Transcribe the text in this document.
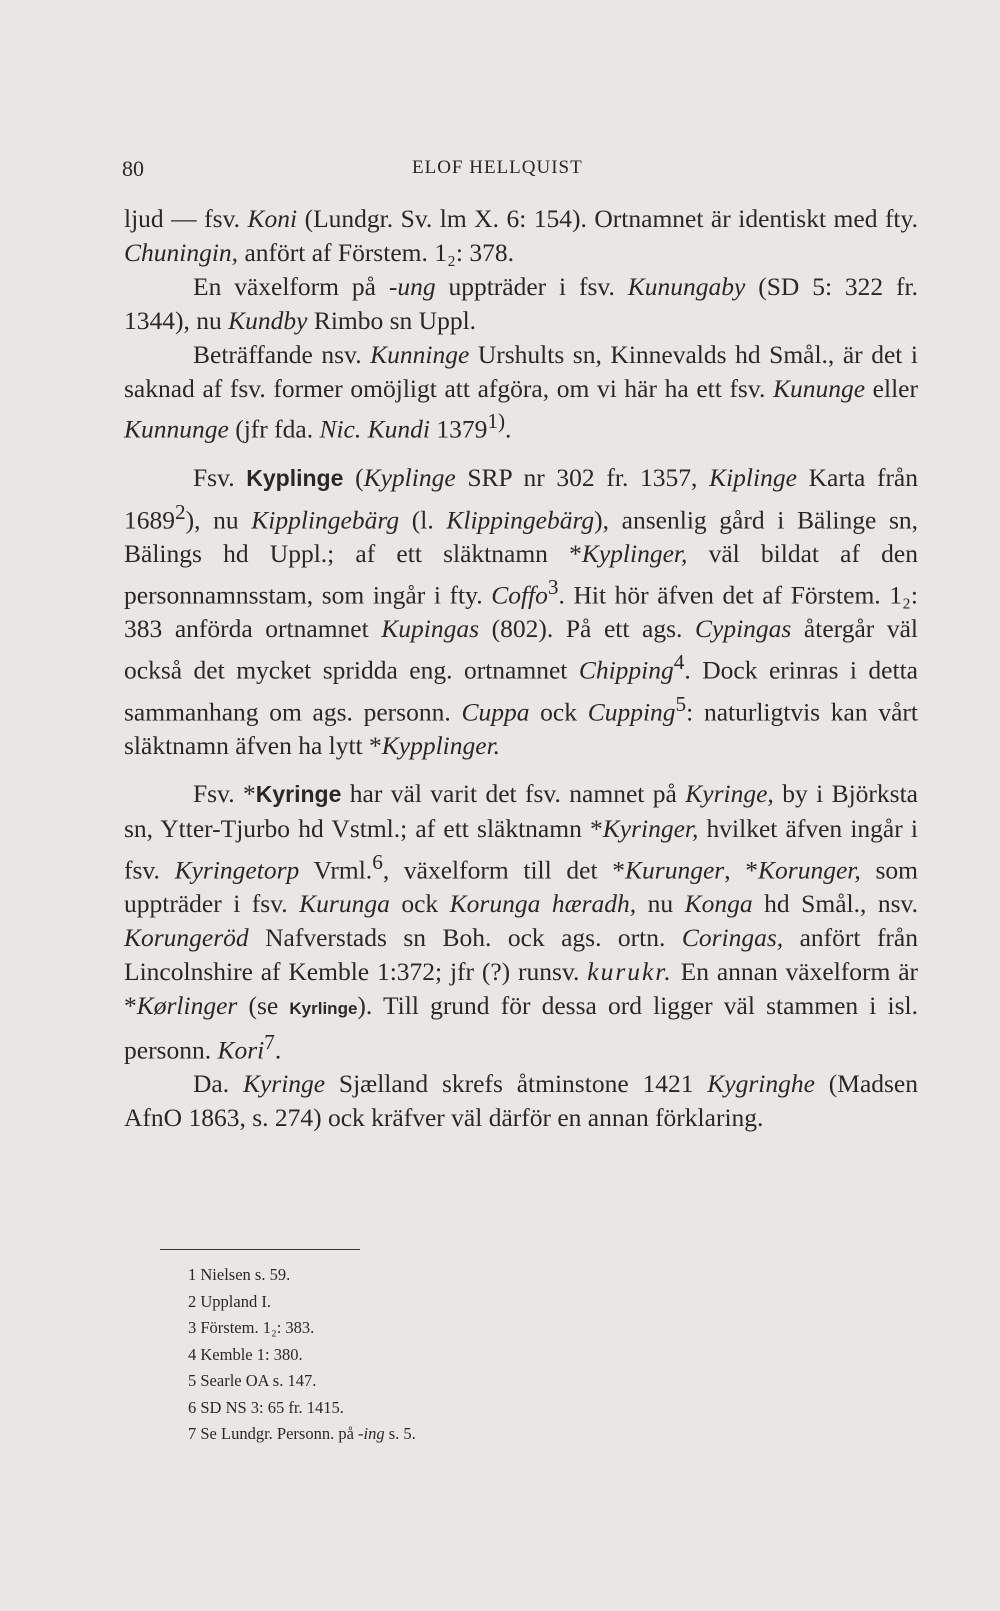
80	ELOF HELLQUIST

ljud — fsv. Koni (Lundgr. Sv. lm X. 6: 154). Ortnamnet är identiskt med fty. Chuningin, anfört af Förstem. 1₂: 378.

En växelform på -ung uppträder i fsv. Kunungaby (SD 5: 322 fr. 1344), nu Kundby Rimbo sn Uppl.

Beträffande nsv. Kunninge Urshults sn, Kinnevalds hd Smål., är det i saknad af fsv. former omöjligt att afgöra, om vi här ha ett fsv. Kununge eller Kunnunge (jfr fda. Nic. Kundi 1379$^{1)}$.

Fsv. Kyplinge (Kyplinge SRP nr 302 fr. 1357, Kiplinge Karta från 1689$^2$), nu Kipplingebärg (l. Klippingebärg), ansenlig gård i Bälinge sn, Bälings hd Uppl.; af ett släktnamn *Kyplinger, väl bildat af den personnamnsstam, som ingår i fty. Coffo$^3$. Hit hör äfven det af Förstem. 1₂: 383 anförda ortnamnet Kupingas (802). På ett ags. Cypingas återgår väl också det mycket spridda eng. ortnamnet Chipping$^4$. Dock erinras i detta sammanhang om ags. personn. Cuppa ock Cupping$^5$: naturligtvis kan vårt släktnamn äfven ha lytt *Kypplinger.

Fsv. *Kyringe har väl varit det fsv. namnet på Kyringe, by i Björksta sn, Ytter-Tjurbo hd Vstml.; af ett släktnamn *Kyringer, hvilket äfven ingår i fsv. Kyringetorp Vrml.$^6$, växelform till det *Kurunger, *Korunger, som uppträder i fsv. Kurunga ock Korunga hæradh, nu Konga hd Smål., nsv. Korungeröd Nafverstads sn Boh. ock ags. ortn. Coringas, anfört från Lincolnshire af Kemble 1:372; jfr (?) runsv. kurukr. En annan växelform är *Kørlinger (se Kyrlinge). Till grund för dessa ord ligger väl stammen i isl. personn. Kori$^7$.

Da. Kyringe Sjælland skrefs åtminstone 1421 Kygringhe (Madsen AfnO 1863, s. 274) ock kräfver väl därför en annan förklaring.

1 Nielsen s. 59.
2 Uppland I.
3 Förstem. 1₂: 383.
4 Kemble 1: 380.
5 Searle OA s. 147.
6 SD NS 3: 65 fr. 1415.
7 Se Lundgr. Personn. på -ing s. 5.
